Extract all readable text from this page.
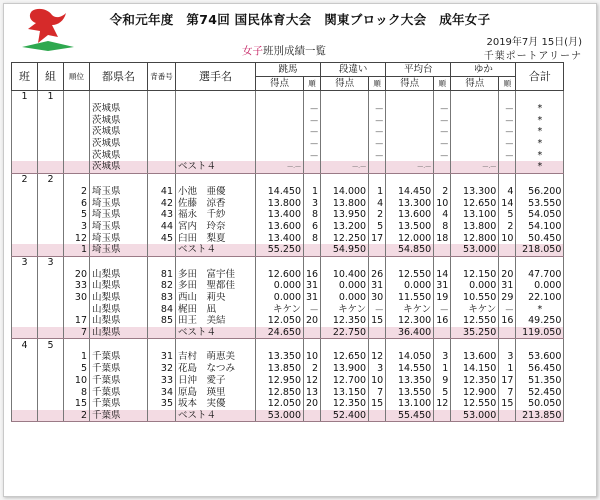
令和元年度　第74回 国民体育大会　関東ブロック大会　成年女子
女子班別成績一覧
2019年7月 15日(月)
千葉ポートアリーナ
班	組	順位	都県名	背番号	選手名	跳馬		段違い		平均台		ゆか		合計
						得点	順	得点	順	得点	順	得点	順	
1	1													
			茨城県				—		—		—		—	*
			茨城県				—		—		—		—	*
			茨城県				—		—		—		—	*
			茨城県				—		—		—		—	*
			茨城県				—		—		—		—	*
			茨城県		ベスト４	—.—		—.—		—.—		—.—		*
2	2													
		2	埼玉県	41	小池　亜優	14.450	1	14.000	1	14.450	2	13.300	4	56.200
		6	埼玉県	42	佐藤　涼香	13.800	3	13.800	4	13.300	10	12.650	14	53.550
		5	埼玉県	43	福永　千紗	13.400	8	13.950	2	13.600	4	13.100	5	54.050
		3	埼玉県	44	宮内　玲奈	13.600	6	13.200	5	13.500	8	13.800	2	54.100
		12	埼玉県	45	臼田　梨夏	13.400	8	12.250	17	12.000	18	12.800	10	50.450
		1	埼玉県		ベスト４	55.250		54.950		54.850		53.000		218.050
3	3													
		20	山梨県	81	多田　富宇佳	12.600	16	10.400	26	12.550	14	12.150	20	47.700
		33	山梨県	82	多田　聖都佳	0.000	31	0.000	31	0.000	31	0.000	31	0.000
		30	山梨県	83	西山　莉央	0.000	31	0.000	30	11.550	19	10.550	29	22.100
			山梨県	84	梶田　凪	キケン	—	キケン	—	キケン	—	キケン	—	*
		17	山梨県	85	田王　美結	12.050	20	12.350	15	12.300	16	12.550	16	49.250
		7	山梨県		ベスト４	24.650		22.750		36.400		35.250		119.050
4	5													
		1	千葉県	31	吉村　萌恵美	13.350	10	12.650	12	14.050	3	13.600	3	53.600
		5	千葉県	32	花島　なつみ	13.850	2	13.900	3	14.550	1	14.150	1	56.450
		10	千葉県	33	日沖　愛子	12.950	12	12.700	10	13.350	9	12.350	17	51.350
		8	千葉県	34	原島　瑛里	12.850	13	13.150	7	13.550	5	12.900	7	52.450
		15	千葉県	35	坂本　実優	12.050	20	12.350	15	13.100	12	12.550	15	50.050
		2	千葉県		ベスト４	53.000		52.400		55.450		53.000		213.850
